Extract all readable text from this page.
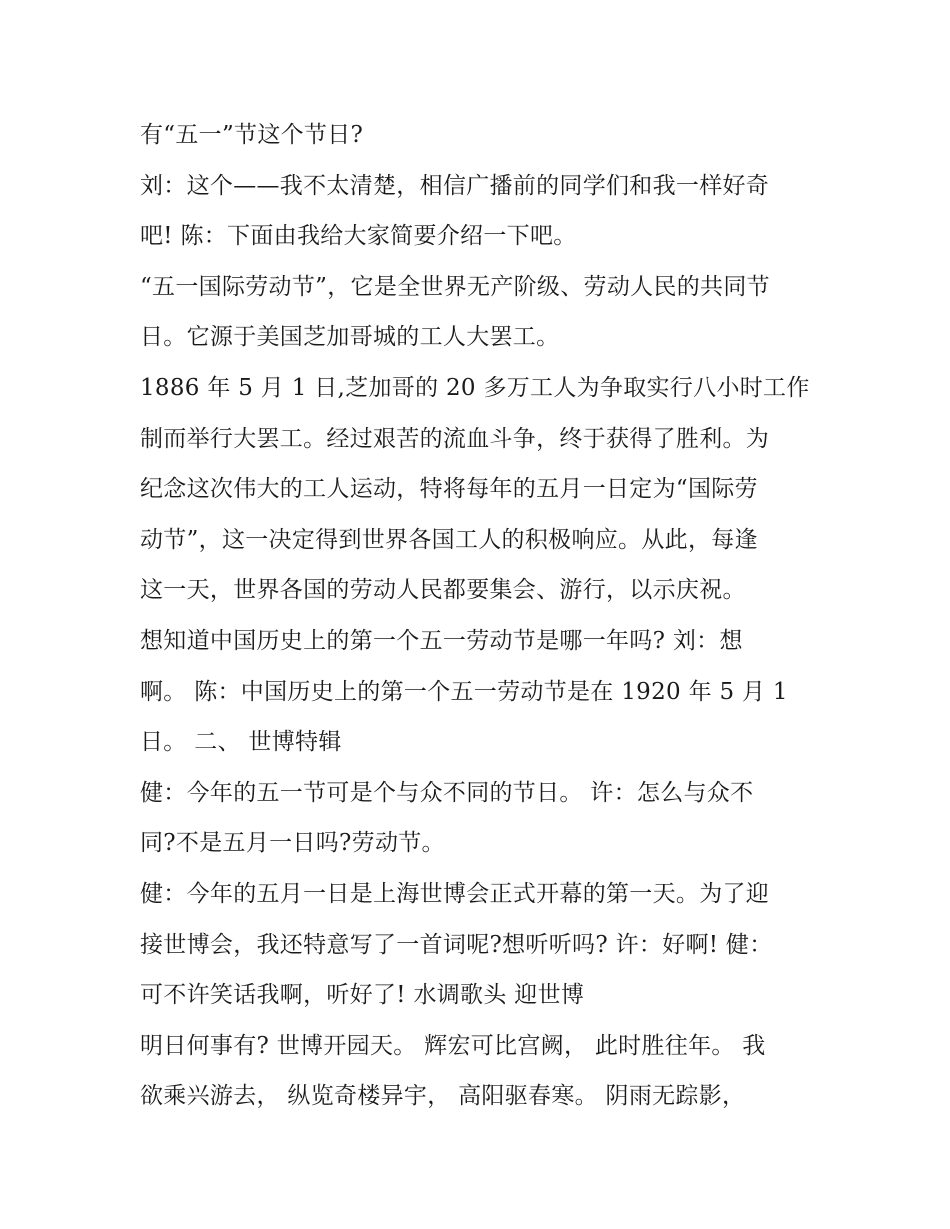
有“五一”节这个节日?
刘：这个——我不太清楚，相信广播前的同学们和我一样好奇
吧! 陈：下面由我给大家简要介绍一下吧。
“五一国际劳动节”，它是全世界无产阶级、劳动人民的共同节
日。它源于美国芝加哥城的工人大罢工。
1886 年 5 月 1 日,芝加哥的 20 多万工人为争取实行八小时工作
制而举行大罢工。经过艰苦的流血斗争，终于获得了胜利。为
纪念这次伟大的工人运动，特将每年的五月一日定为“国际劳
动节”，这一决定得到世界各国工人的积极响应。从此，每逢
这一天，世界各国的劳动人民都要集会、游行，以示庆祝。
想知道中国历史上的第一个五一劳动节是哪一年吗? 刘：想
啊。 陈：中国历史上的第一个五一劳动节是在 1920 年 5 月 1
日。 二、 世博特辑
健：今年的五一节可是个与众不同的节日。 许：怎么与众不
同?不是五月一日吗?劳动节。
健：今年的五月一日是上海世博会正式开幕的第一天。为了迎
接世博会，我还特意写了一首词呢?想听听吗? 许：好啊! 健：
可不许笑话我啊，听好了! 水调歌头 迎世博
明日何事有? 世博开园天。 辉宏可比宫阙， 此时胜往年。 我
欲乘兴游去， 纵览奇楼异宇， 高阳驱春寒。 阴雨无踪影，
